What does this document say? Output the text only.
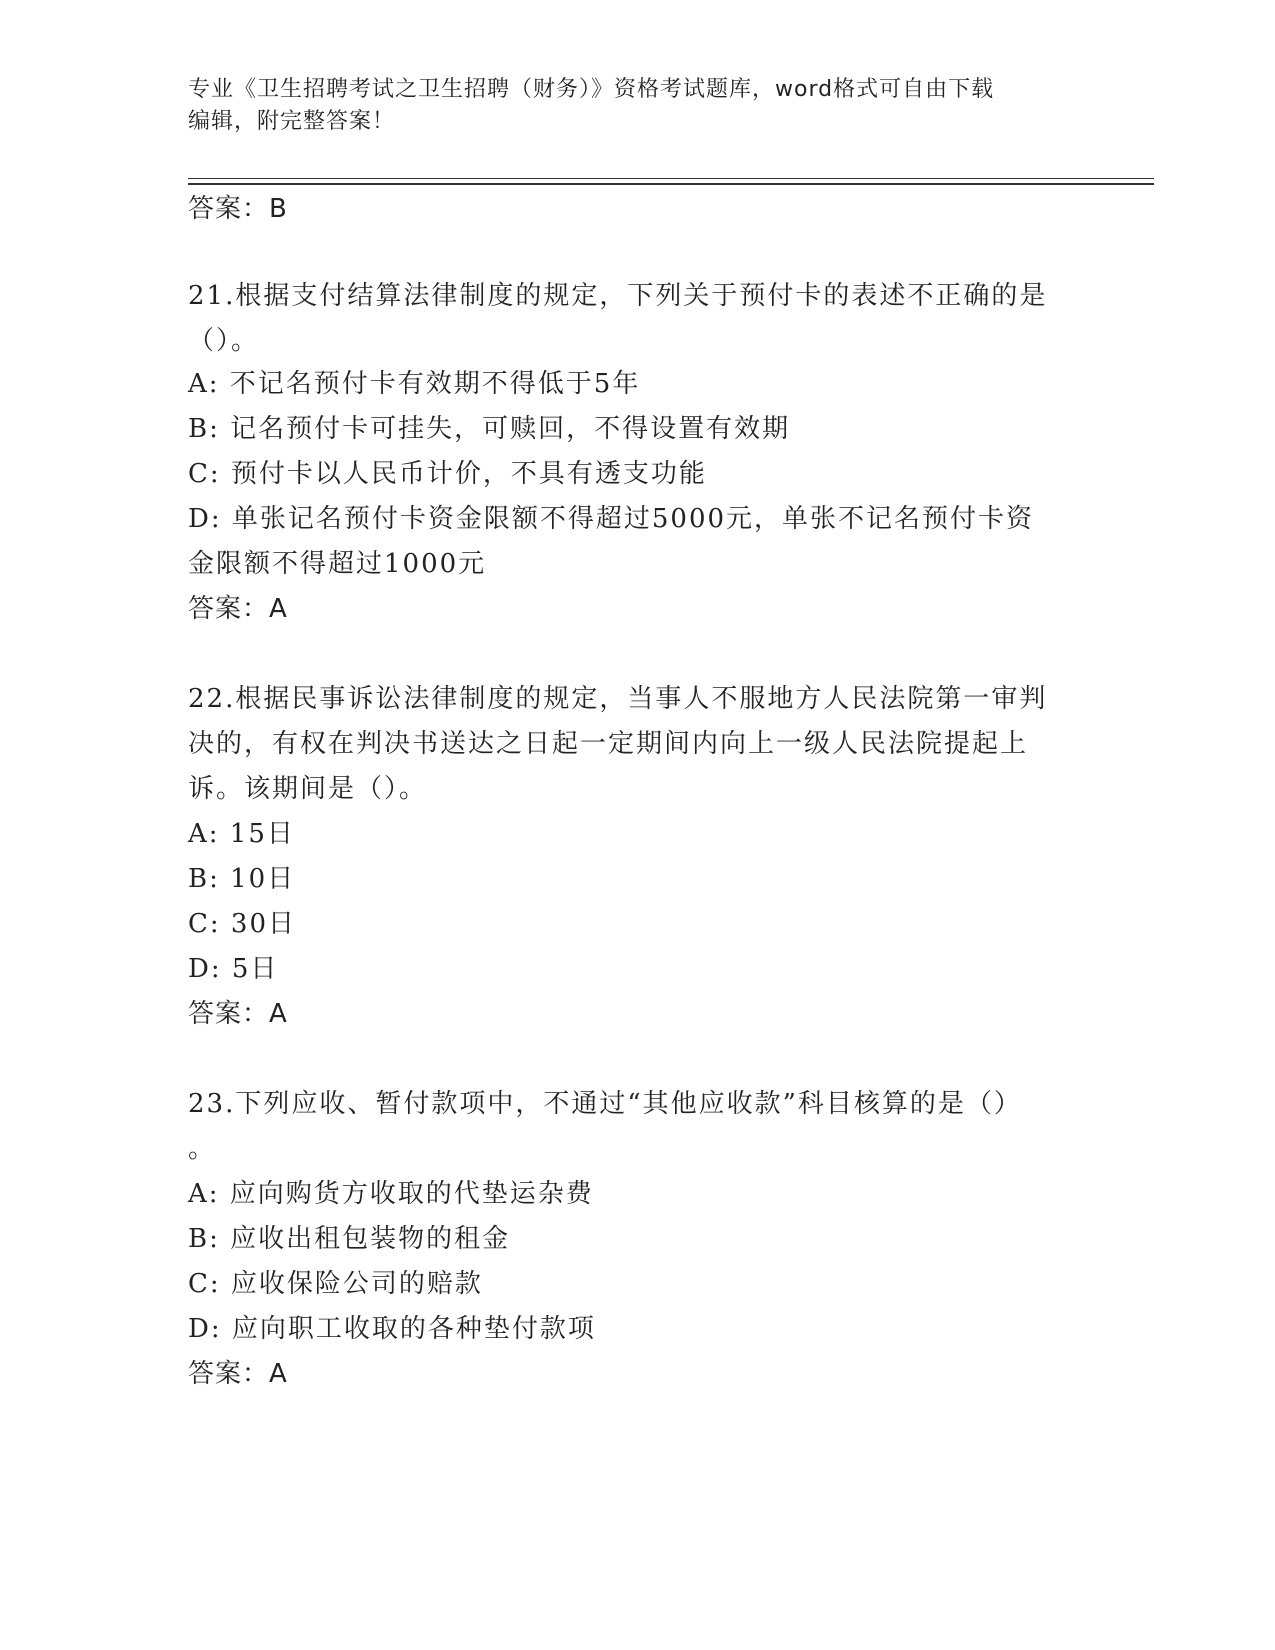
专业《卫生招聘考试之卫生招聘（财务）》资格考试题库，word格式可自由下载
编辑，附完整答案！
答案：B
21.根据支付结算法律制度的规定，下列关于预付卡的表述不正确的是
（）。
A: 不记名预付卡有效期不得低于5年
B: 记名预付卡可挂失，可赎回，不得设置有效期
C: 预付卡以人民币计价，不具有透支功能
D: 单张记名预付卡资金限额不得超过5000元，单张不记名预付卡资
金限额不得超过1000元
答案：A
22.根据民事诉讼法律制度的规定，当事人不服地方人民法院第一审判
决的，有权在判决书送达之日起一定期间内向上一级人民法院提起上
诉。该期间是（）。
A: 15日
B: 10日
C: 30日
D: 5日
答案：A
23.下列应收、暂付款项中，不通过“其他应收款”科目核算的是（）
。
A: 应向购货方收取的代垫运杂费
B: 应收出租包装物的租金
C: 应收保险公司的赔款
D: 应向职工收取的各种垫付款项
答案：A
